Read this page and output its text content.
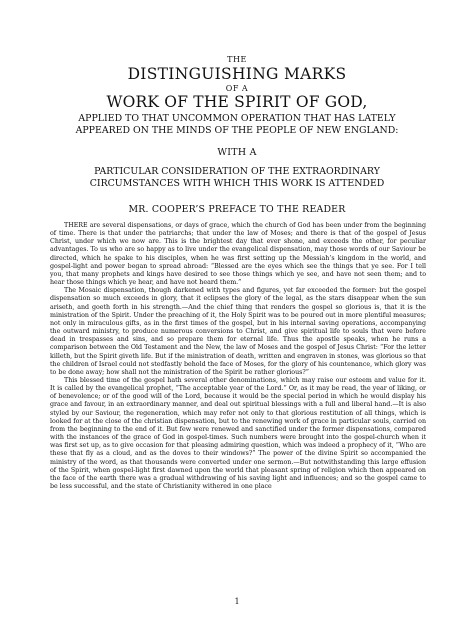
THE
DISTINGUISHING MARKS
OF A
WORK OF THE SPIRIT OF GOD,
APPLIED TO THAT UNCOMMON OPERATION THAT HAS LATELY
APPEARED ON THE MINDS OF THE PEOPLE OF NEW ENGLAND:
WITH A
PARTICULAR CONSIDERATION OF THE EXTRAORDINARY
CIRCUMSTANCES WITH WHICH THIS WORK IS ATTENDED
MR. COOPER’S PREFACE TO THE READER

THERE are several dispensations, or days of grace, which the church of God has been under from the beginning of time. There is that under the patriarchs; that under the law of Moses; and there is that of the gospel of Jesus Christ, under which we now are. This is the brightest day that ever shone, and exceeds the other, for peculiar advantages. To us who are so happy as to live under the evangelical dispensation, may those words of our Saviour be directed, which he spake to his disciples, when he was first setting up the Messiah’s kingdom in the world, and gospel-light and power began to spread abroad: “Blessed are the eyes which see the things that ye see. For I tell you, that many prophets and kings have desired to see those things which ye see, and have not seen them; and to hear those things which ye hear, and have not heard them.”

The Mosaic dispensation, though darkened with types and figures, yet far exceeded the former: but the gospel dispensation so much exceeds in glory, that it eclipses the glory of the legal, as the stars disappear when the sun ariseth, and goeth forth in his strength.—And the chief thing that renders the gospel so glorious is, that it is the ministration of the Spirit. Under the preaching of it, the Holy Spirit was to be poured out in more plentiful measures; not only in miraculous gifts, as in the first times of the gospel, but in his internal saving operations, accompanying the outward ministry, to produce numerous conversions to Christ, and give spiritual life to souls that were before dead in trespasses and sins, and so prepare them for eternal life. Thus the apostle speaks, when he runs a comparison between the Old Testament and the New, the law of Moses and the gospel of Jesus Christ: “For the letter killeth, but the Spirit giveth life. But if the ministration of death, written and engraven in stones, was glorious so that the children of Israel could not stedfastly behold the face of Moses, for the glory of his countenance, which glory was to be done away; how shall not the ministration of the Spirit be rather glorious?”

This blessed time of the gospel hath several other denominations, which may raise our esteem and value for it. It is called by the evangelical prophet, “The acceptable year of the Lord.” Or, as it may be read, the year of liking, or of benevolence; or of the good will of the Lord, because it would be the special period in which he would display his grace and favour, in an extraordinary manner, and deal out spiritual blessings with a full and liberal hand.—It is also styled by our Saviour, the regeneration, which may refer not only to that glorious restitution of all things, which is looked for at the close of the christian dispensation, but to the renewing work of grace in particular souls, carried on from the beginning to the end of it. But few were renewed and sanctified under the former dispensations, compared with the instances of the grace of God in gospel-times. Such numbers were brought into the gospel-church when it was first set up, as to give occasion for that pleasing admiring question, which was indeed a prophecy of it, “Who are these that fly as a cloud, and as the doves to their windows?” The power of the divine Spirit so accompanied the ministry of the word, as that thousands were converted under one sermon.—But notwithstanding this large effusion of the Spirit, when gospel-light first dawned upon the world that pleasant spring of religion which then appeared on the face of the earth there was a gradual withdrawing of his saving light and influences; and so the gospel came to be less successful, and the state of Christianity withered in one place

1
